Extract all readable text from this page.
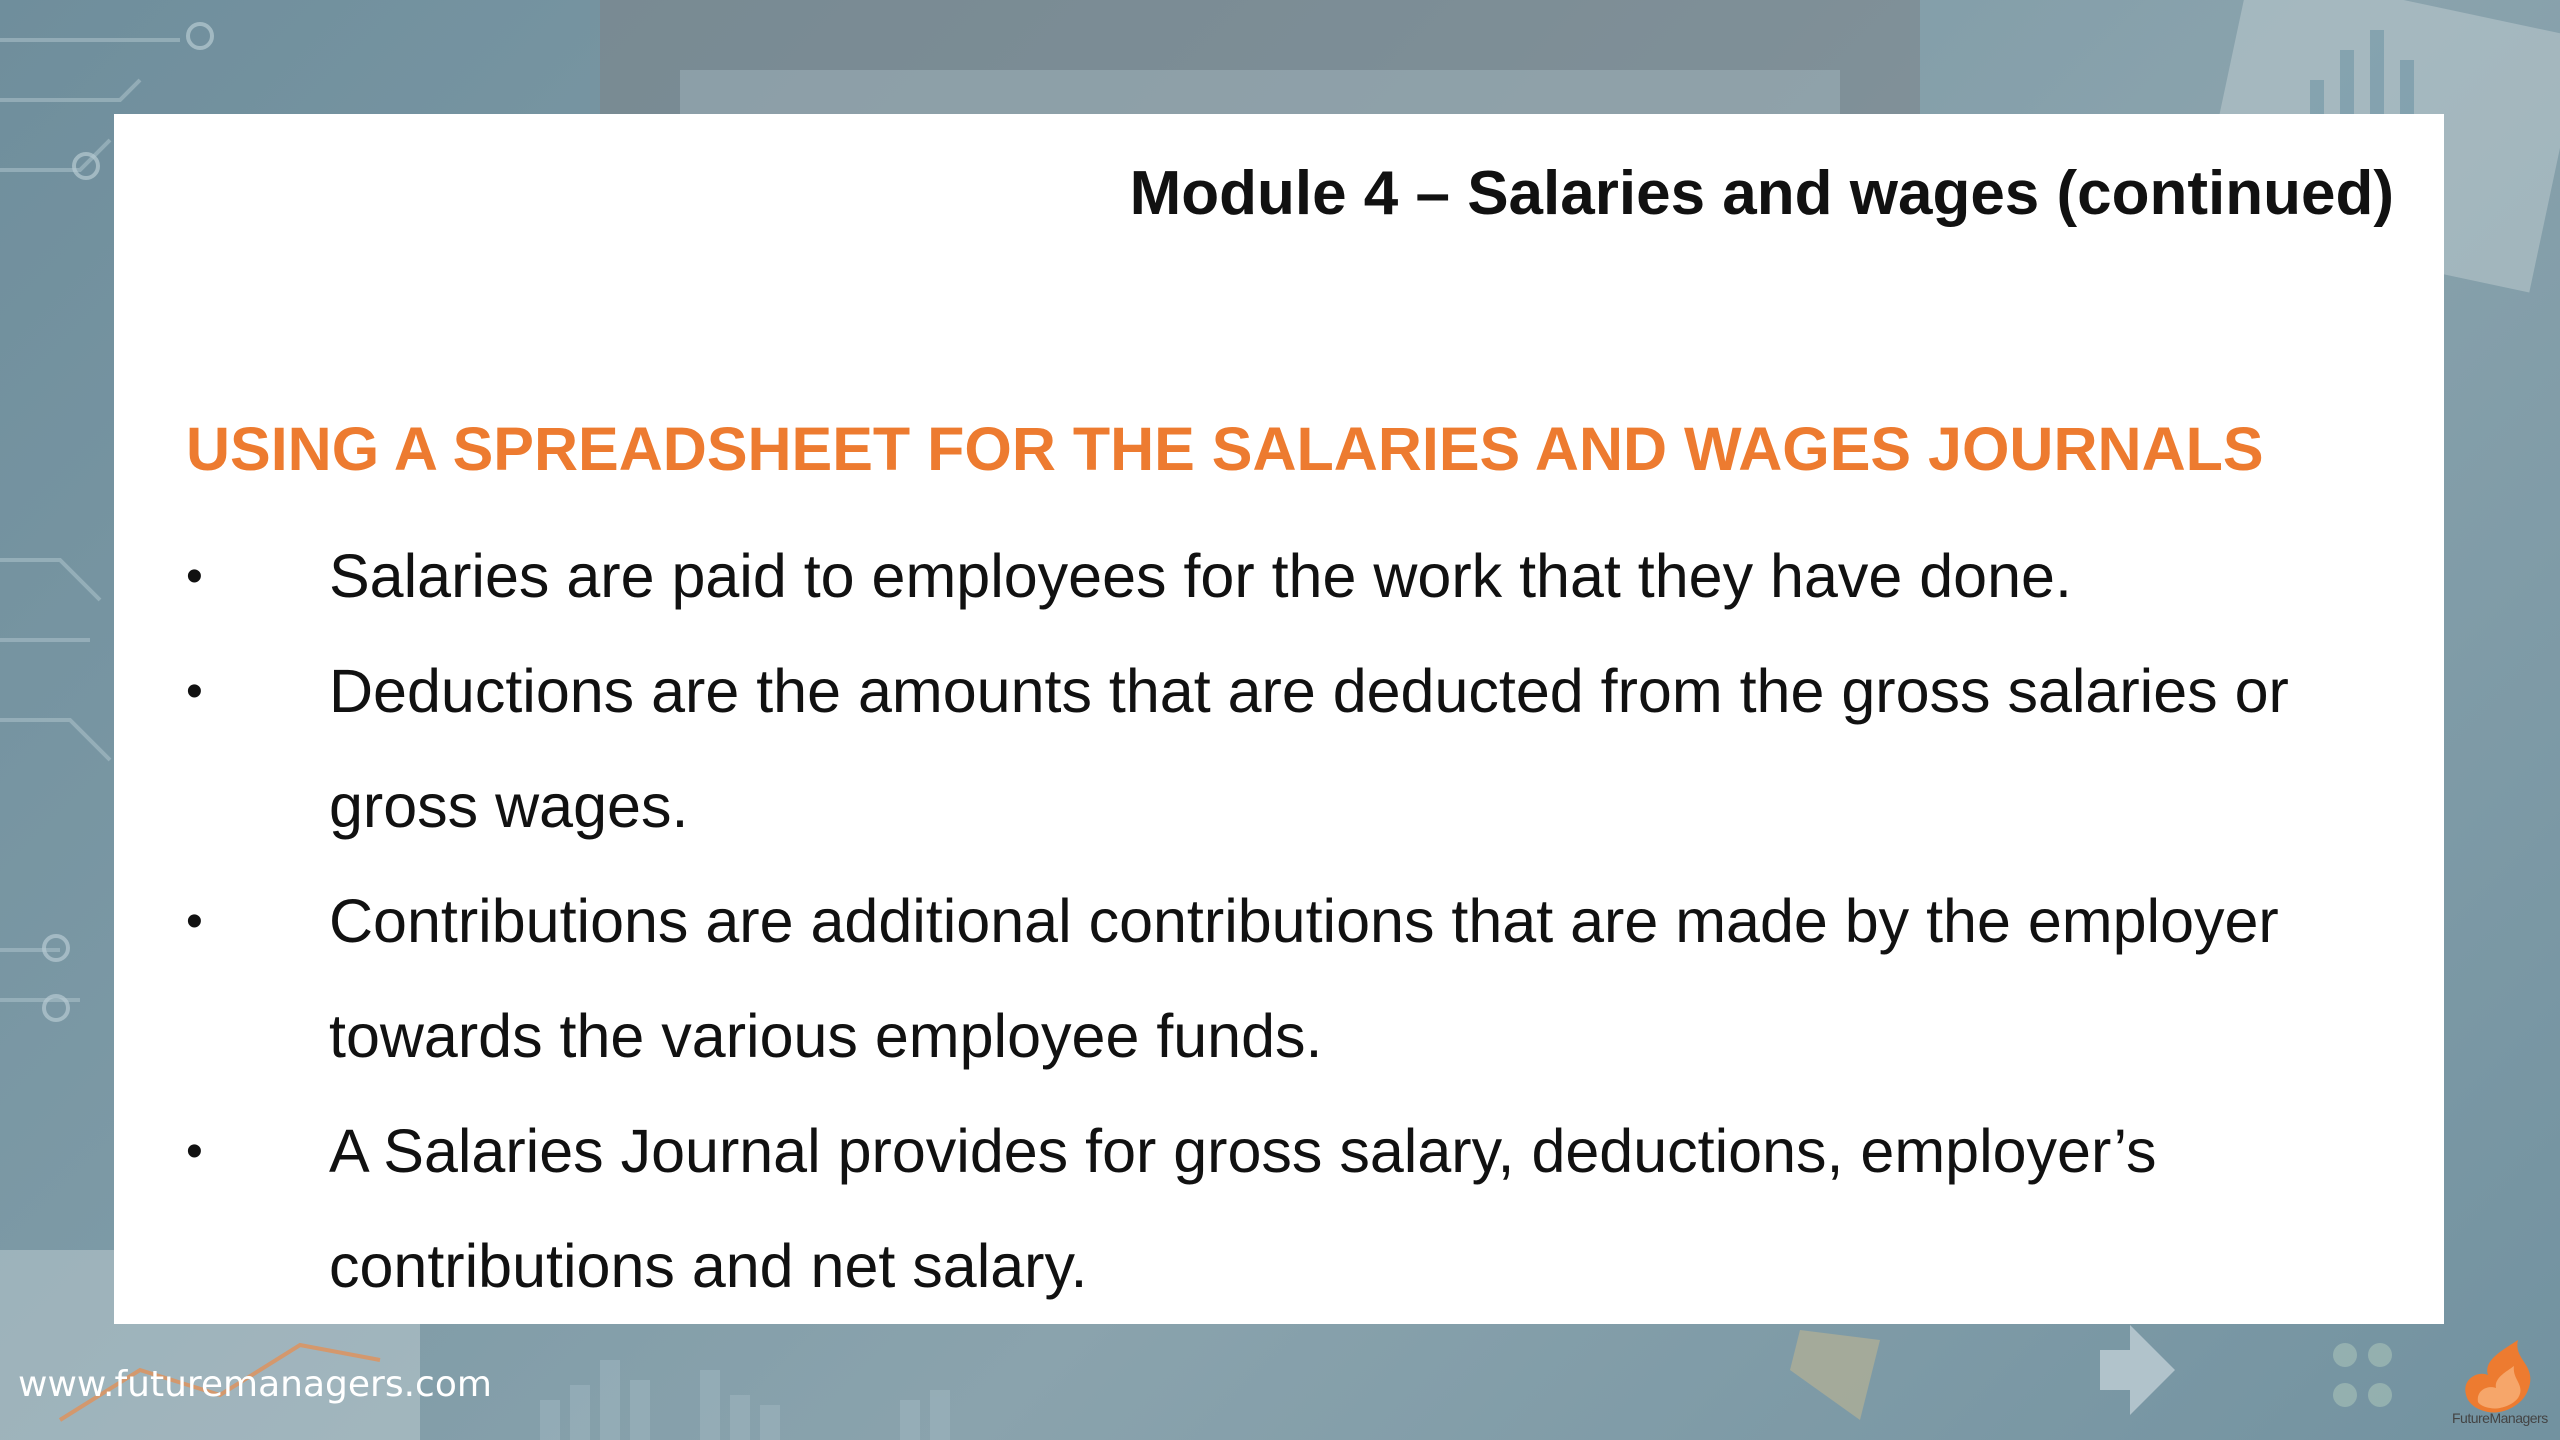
Module 4 – Salaries and wages (continued)
USING A SPREADSHEET FOR THE SALARIES AND WAGES JOURNALS
• Salaries are paid to employees for the work that they have done.
• Deductions are the amounts that are deducted from the gross salaries or gross wages.
• Contributions are additional contributions that are made by the employer towards the various employee funds.
• A Salaries Journal provides for gross salary, deductions, employer’s contributions and net salary.
www.futuremanagers.com
FutureManagers
